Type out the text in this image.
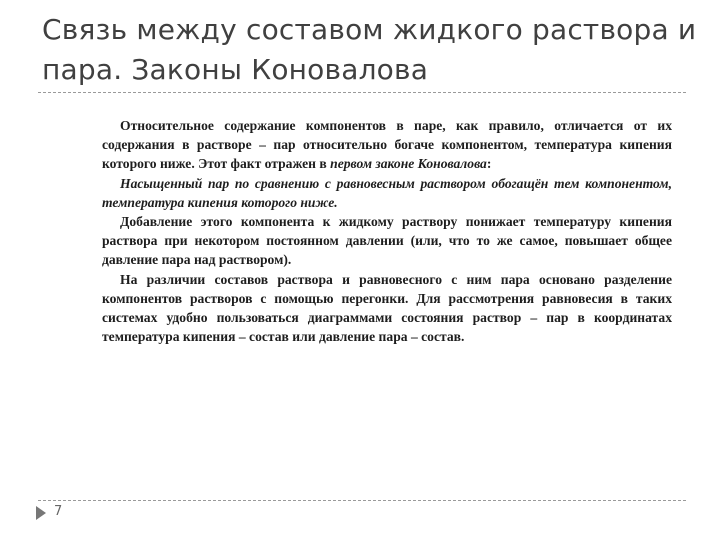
Связь между составом жидкого раствора и
пара. Законы Коновалова

Относительное содержание компонентов в паре, как правило, отличается от их содержания в растворе – пар относительно богаче компонентом, температура кипения которого ниже. Этот факт отражен в первом законе Коновалова:

Насыщенный пар по сравнению с равновесным раствором обогащён тем компонентом, температура кипения которого ниже.

Добавление этого компонента к жидкому раствору понижает температуру кипения раствора при некотором постоянном давлении (или, что то же самое, повышает общее давление пара над раствором).

На различии составов раствора и равновесного с ним пара основано разделение компонентов растворов с помощью перегонки. Для рассмотрения равновесия в таких системах удобно пользоваться диаграммами состояния раствор – пар в координатах температура кипения – состав или давление пара – состав.

7
